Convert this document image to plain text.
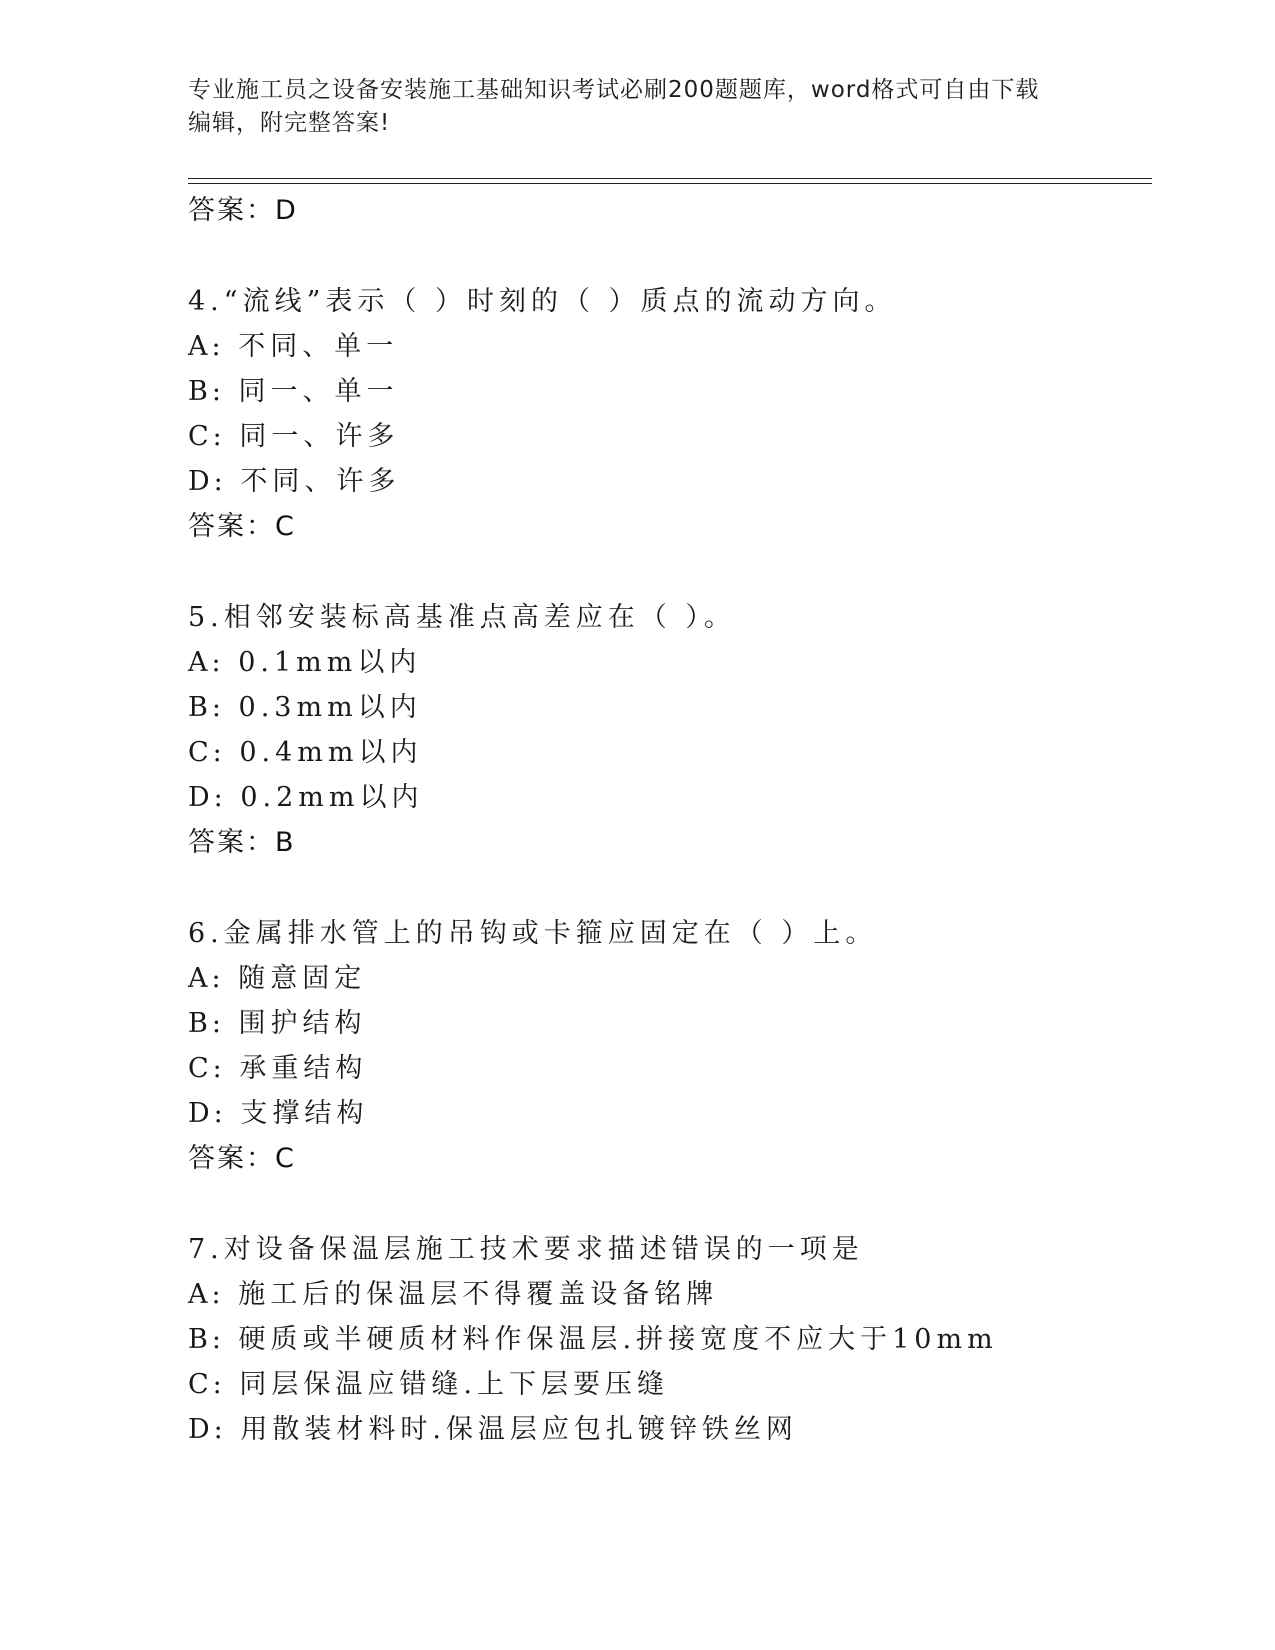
专业施工员之设备安装施工基础知识考试必刷200题题库，word格式可自由下载
编辑，附完整答案!
答案：D
4.“流线”表示（ ）时刻的（ ）质点的流动方向。
A: 不同、单一
B: 同一、单一
C: 同一、许多
D: 不同、许多
答案：C
5.相邻安装标高基准点高差应在（ ）。
A: 0.1mm以内
B: 0.3mm以内
C: 0.4mm以内
D: 0.2mm以内
答案：B
6.金属排水管上的吊钩或卡箍应固定在（ ）上。
A: 随意固定
B: 围护结构
C: 承重结构
D: 支撑结构
答案：C
7.对设备保温层施工技术要求描述错误的一项是
A: 施工后的保温层不得覆盖设备铭牌
B: 硬质或半硬质材料作保温层.拼接宽度不应大于10mm
C: 同层保温应错缝.上下层要压缝
D: 用散装材料时.保温层应包扎镀锌铁丝网
